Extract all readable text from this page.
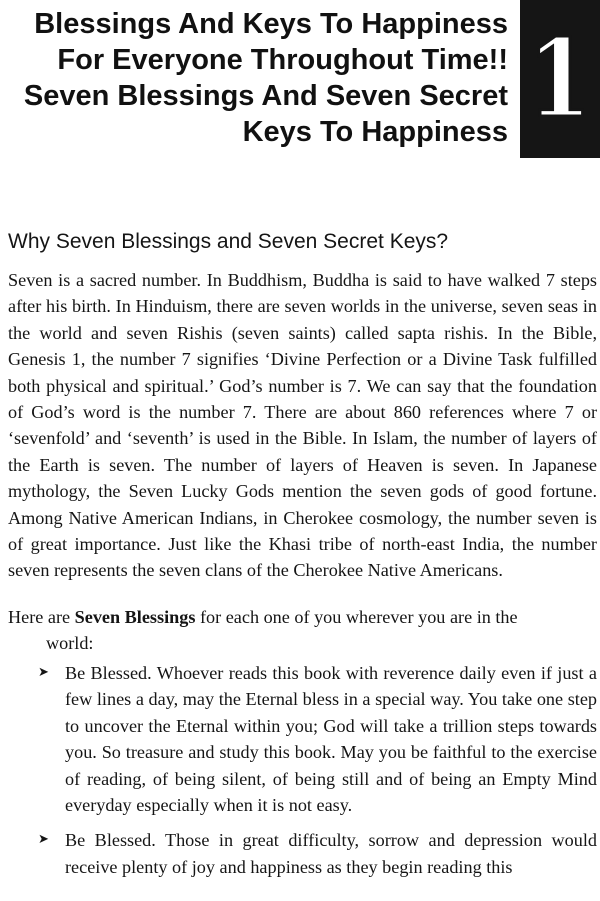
Blessings And Keys To Happiness
For Everyone Throughout Time!!
Seven Blessings And Seven Secret
Keys To Happiness 1
Why Seven Blessings and Seven Secret Keys?

Seven is a sacred number. In Buddhism, Buddha is said to have walked 7 steps after his birth. In Hinduism, there are seven worlds in the universe, seven seas in the world and seven Rishis (seven saints) called sapta rishis. In the Bible, Genesis 1, the number 7 signifies ‘Divine Perfection or a Divine Task fulfilled both physical and spiritual.’ God’s number is 7. We can say that the foundation of God’s word is the number 7. There are about 860 references where 7 or ‘sevenfold’ and ‘seventh’ is used in the Bible. In Islam, the number of layers of the Earth is seven. The number of layers of Heaven is seven. In Japanese mythology, the Seven Lucky Gods mention the seven gods of good fortune. Among Native American Indians, in Cherokee cosmology, the number seven is of great importance. Just like the Khasi tribe of north-east India, the number seven represents the seven clans of the Cherokee Native Americans.

Here are Seven Blessings for each one of you wherever you are in the
world:
➤ Be Blessed. Whoever reads this book with reverence daily even if just a few lines a day, may the Eternal bless in a special way. You take one step to uncover the Eternal within you; God will take a trillion steps towards you. So treasure and study this book. May you be faithful to the exercise of reading, of being silent, of being still and of being an Empty Mind everyday especially when it is not easy.
➤ Be Blessed. Those in great difficulty, sorrow and depression would receive plenty of joy and happiness as they begin reading this
